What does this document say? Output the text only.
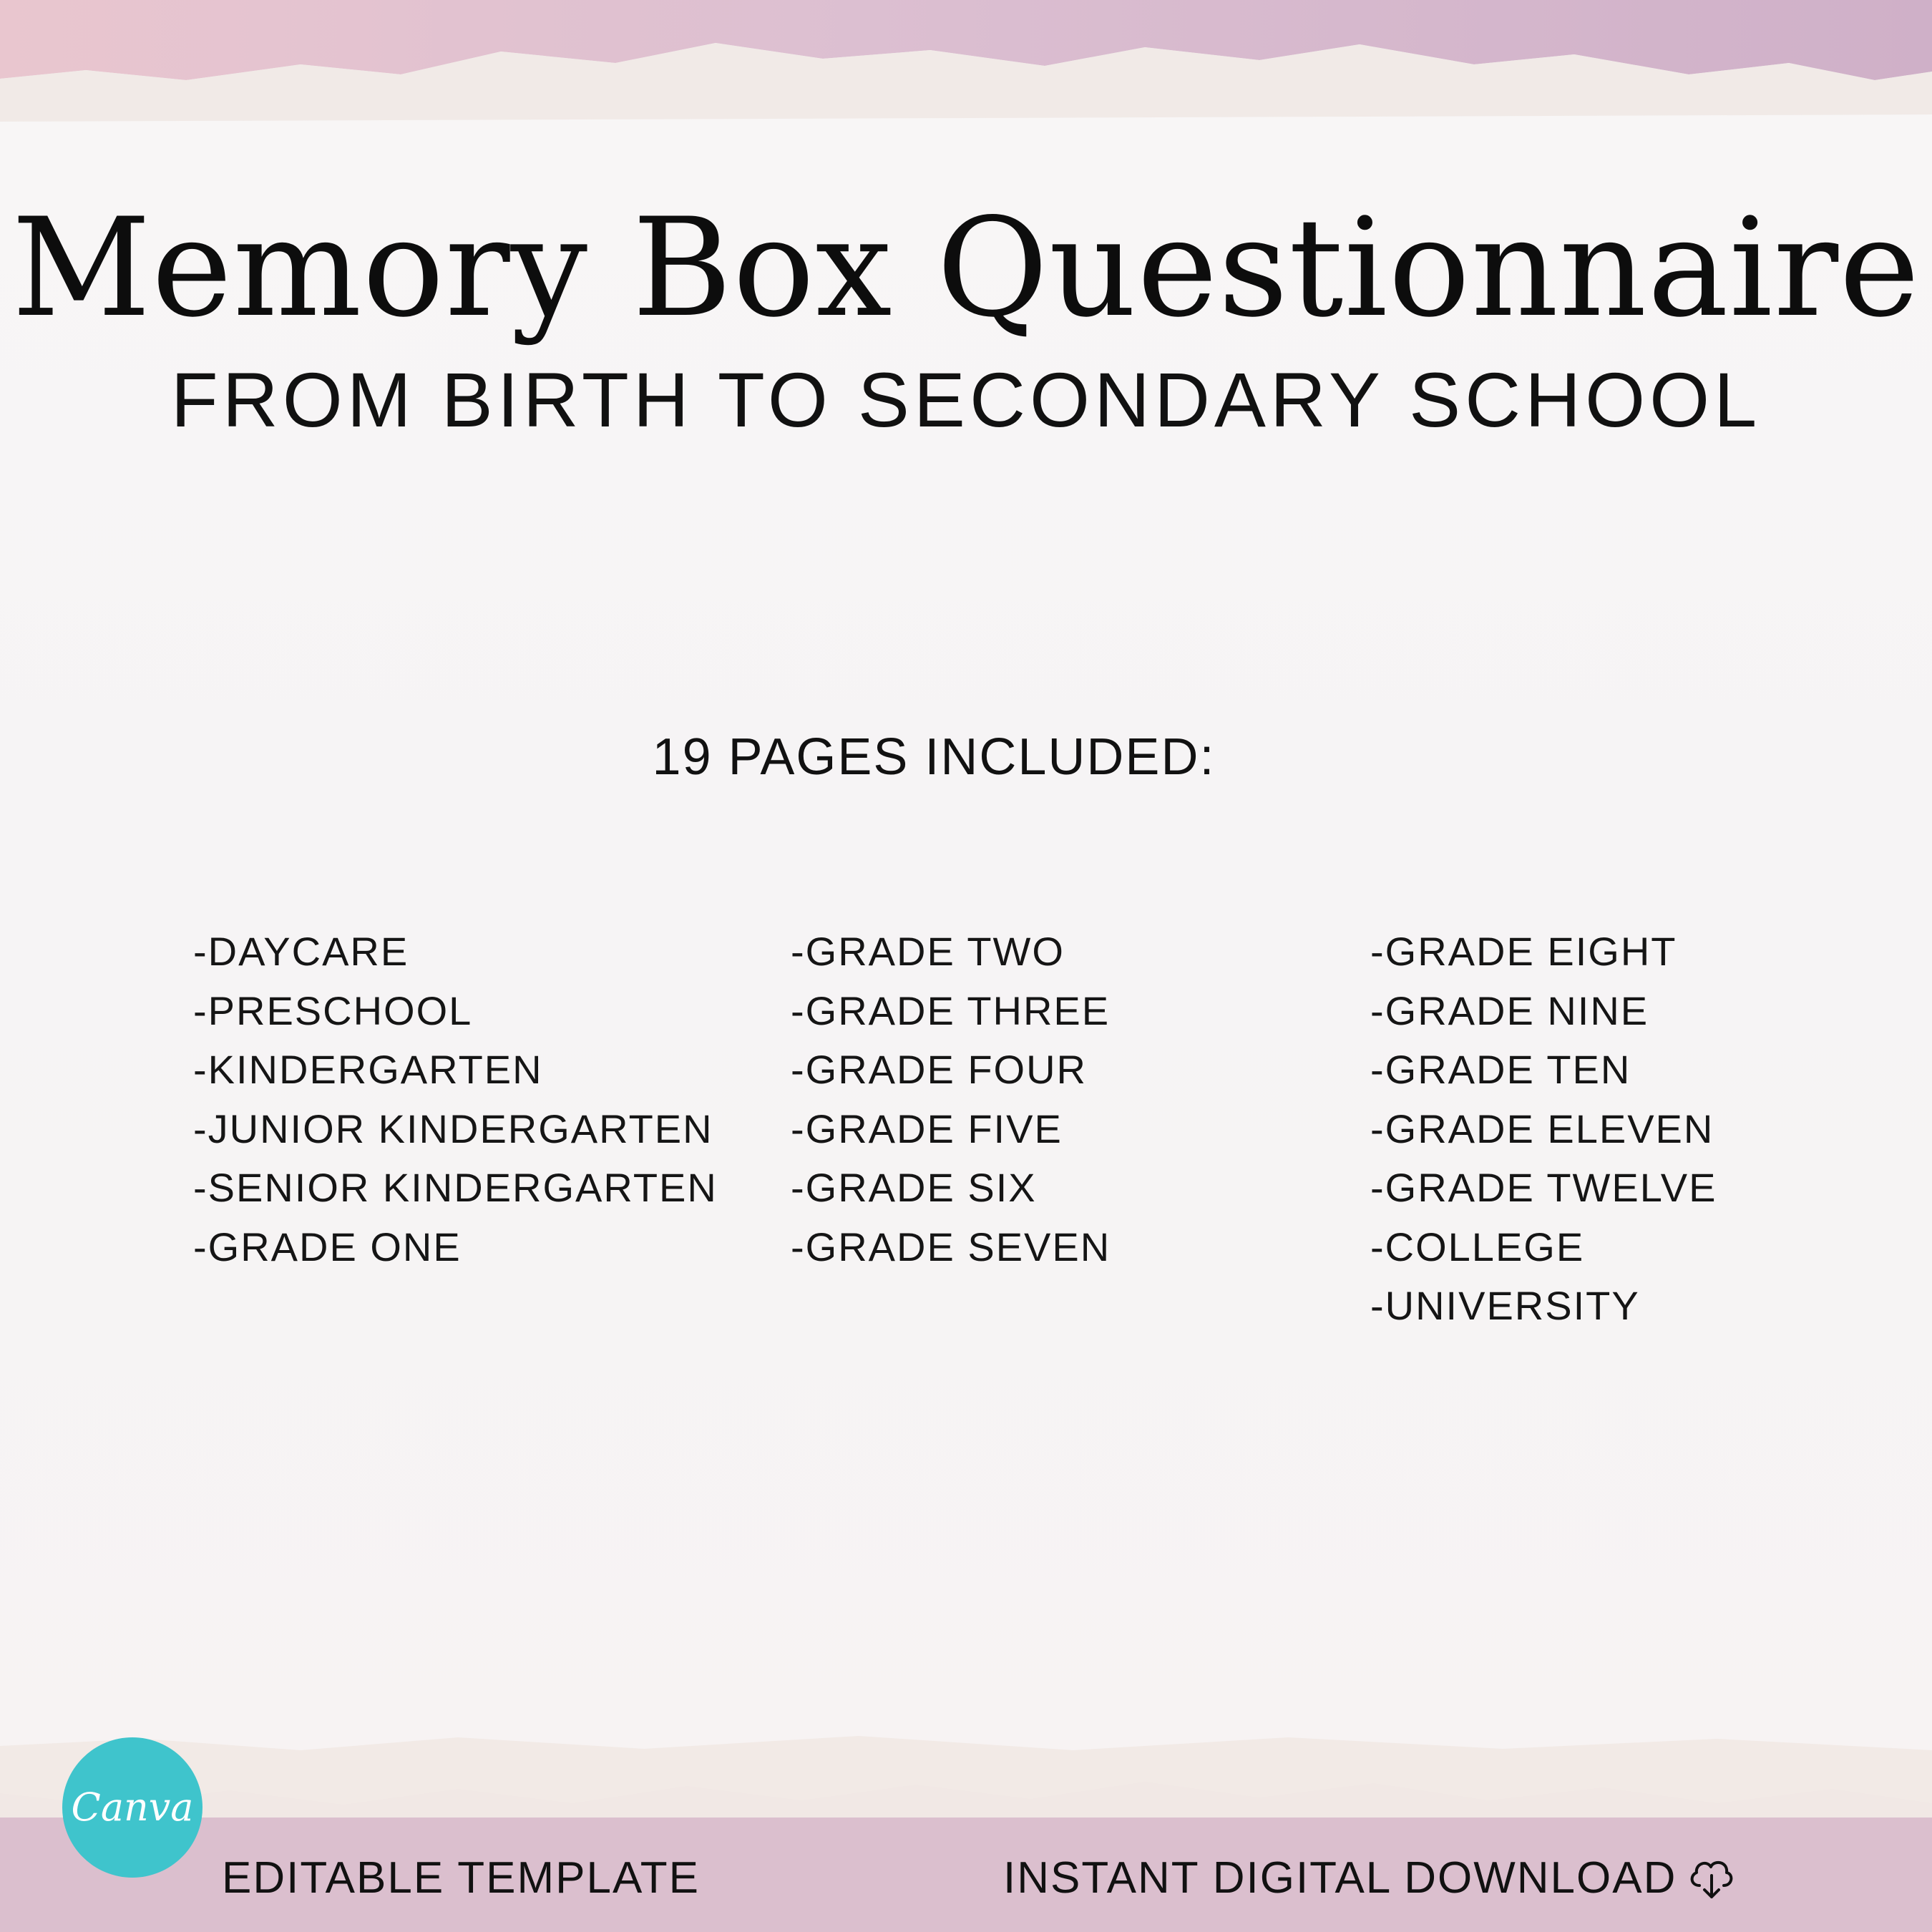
Memory Box Questionnaire
FROM BIRTH TO SECONDARY SCHOOL
19 PAGES INCLUDED:
-DAYCARE
-PRESCHOOL
-KINDERGARTEN
-JUNIOR KINDERGARTEN
-SENIOR KINDERGARTEN
-GRADE ONE
-GRADE TWO
-GRADE THREE
-GRADE FOUR
-GRADE FIVE
-GRADE SIX
-GRADE SEVEN
-GRADE EIGHT
-GRADE NINE
-GRADE TEN
-GRADE ELEVEN
-GRADE TWELVE
-COLLEGE
-UNIVERSITY
EDITABLE TEMPLATE	INSTANT DIGITAL DOWNLOAD
Canva
